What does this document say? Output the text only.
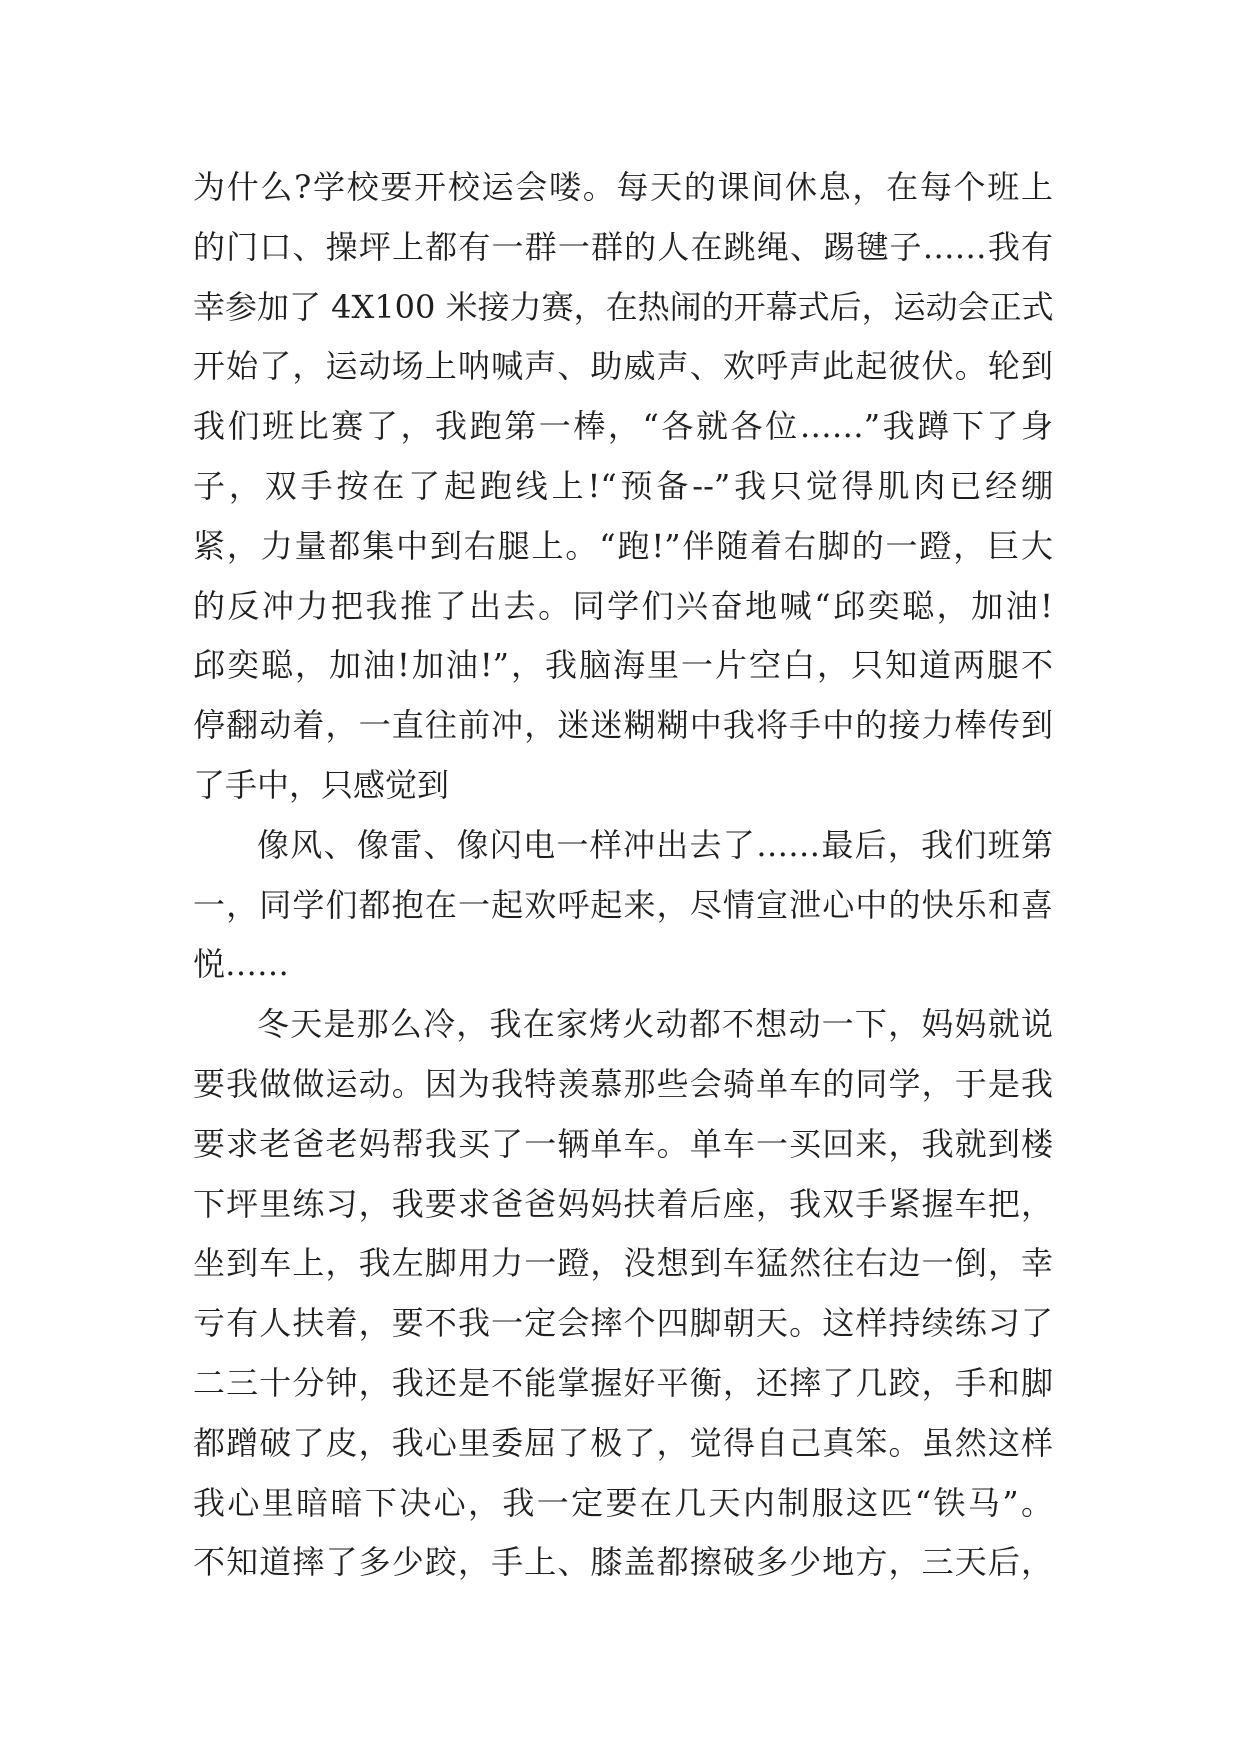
为什么?学校要开校运会喽。每天的课间休息，在每个班上
的门口、操坪上都有一群一群的人在跳绳、踢毽子……我有
幸参加了 4X100 米接力赛，在热闹的开幕式后，运动会正式
开始了，运动场上呐喊声、助威声、欢呼声此起彼伏。轮到
我们班比赛了，我跑第一棒，“各就各位……”我蹲下了身
子，双手按在了起跑线上!“预备--”我只觉得肌肉已经绷
紧，力量都集中到右腿上。“跑!”伴随着右脚的一蹬，巨大
的反冲力把我推了出去。同学们兴奋地喊“邱奕聪，加油!
邱奕聪，加油!加油!”，我脑海里一片空白，只知道两腿不
停翻动着，一直往前冲，迷迷糊糊中我将手中的接力棒传到
了手中，只感觉到
像风、像雷、像闪电一样冲出去了……最后，我们班第
一，同学们都抱在一起欢呼起来，尽情宣泄心中的快乐和喜
悦……
冬天是那么冷，我在家烤火动都不想动一下，妈妈就说
要我做做运动。因为我特羡慕那些会骑单车的同学，于是我
要求老爸老妈帮我买了一辆单车。单车一买回来，我就到楼
下坪里练习，我要求爸爸妈妈扶着后座，我双手紧握车把，
坐到车上，我左脚用力一蹬，没想到车猛然往右边一倒，幸
亏有人扶着，要不我一定会摔个四脚朝天。这样持续练习了
二三十分钟，我还是不能掌握好平衡，还摔了几跤，手和脚
都蹭破了皮，我心里委屈了极了，觉得自己真笨。虽然这样
我心里暗暗下决心，我一定要在几天内制服这匹“铁马”。
不知道摔了多少跤，手上、膝盖都擦破多少地方，三天后，
